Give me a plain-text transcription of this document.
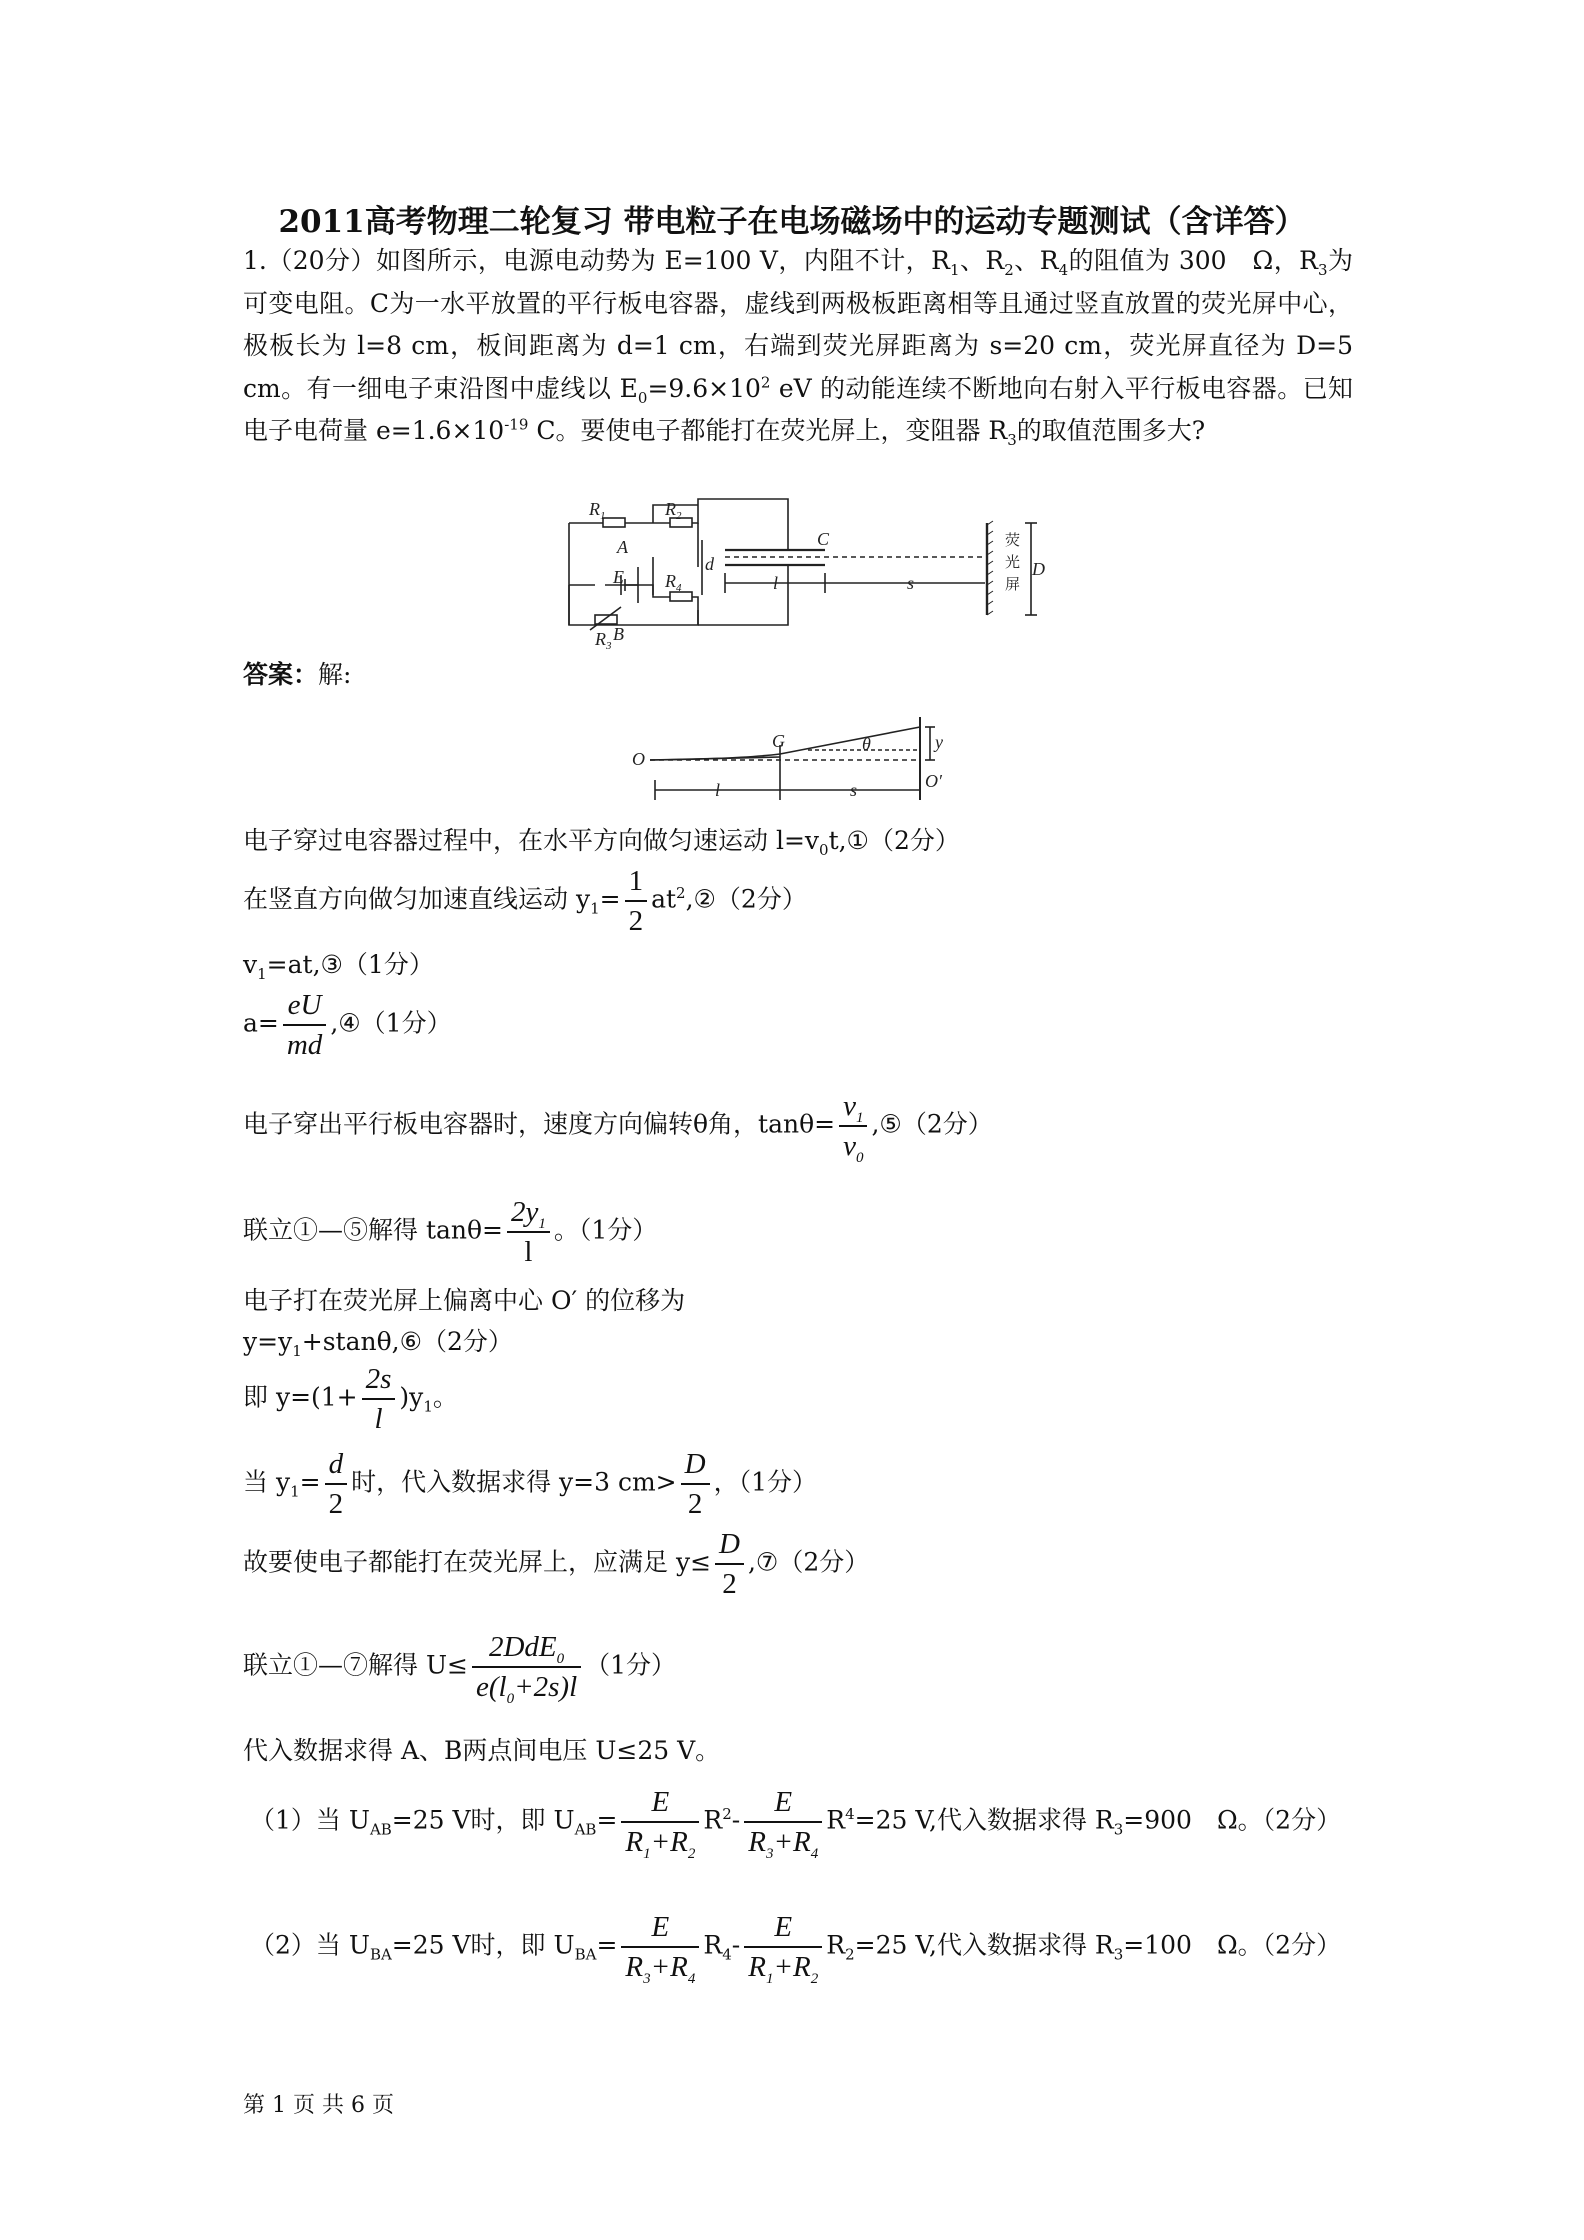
2011高考物理二轮复习 带电粒子在电场磁场中的运动专题测试（含详答）
1.（20分）如图所示，电源电动势为 E=100 V，内阻不计，$R_1$、$R_2$、$R_4$的阻值为 300　Ω，$R_3$为可变电阻。C为一水平放置的平行板电容器，虚线到两极板距离相等且通过竖直放置的荧光屏中心，极板长为 l=8 cm，板间距离为 d=1 cm，右端到荧光屏距离为 s=20 cm，荧光屏直径为 D=5 cm。有一细电子束沿图中虚线以 $E_0=9.6\times 10^2$ eV 的动能连续不断地向右射入平行板电容器。已知电子电荷量 $e=1.6\times 10^{-19}$ C。要使电子都能打在荧光屏上，变阻器 $R_3$的取值范围多大?
$R_1$	$R_2$
$R_3$
$R_4$
A
B
E
d
C
l	s
D
荧
光
屏
答案：解:
O
G	θ	y
O′
l	s
电子穿过电容器过程中，在水平方向做匀速运动 $l=v_0t,①(2$分）
在竖直方向做匀加速直线运动 $y_1= \frac{1}{2}$ $at^2,②(2$分）
$v_1=at,③(1$分）
$a= \frac{eU}{md}$ ,④（1分）
电子穿出平行板电容器时，速度方向偏转θ角，$\tan\theta= \frac{v_1}{v_0}$ ,⑤（2分）
联立①—⑤解得 $\tan\theta= \frac{2y_1}{l}$ 。（1分）
电子打在荧光屏上偏离中心 O′ 的位移为
$y=y_1+stan\theta,⑥(2$分）
即 $y=(1+ \frac{2s}{l} )y_1$。
当 $y_1= \frac{d}{2}$ 时，代入数据求得 y=3 $cm> \frac{D}{2}$ ，（1分）
故要使电子都能打在荧光屏上，应满足 $y\le \frac{D}{2}$ ,⑦（2分）
联立①—⑦解得 $U\le \frac{2DdE_0}{e(l_0+2s)l} (1$分）
代入数据求得 A、B两点间电压 U≤25 V。
（1）当 $U_{AB}=25$ V时，即 $U_{AB}= \frac{E}{R_1+R_2} R^2- \frac{E}{R_3+R_4} R^4=25$ V,代入数据求得 $R_3=900$　Ω。（2分）
（2）当 $U_{BA}=25$ V时，即 $U_{BA}= \frac{E}{R_3+R_4} R_4- \frac{E}{R_1+R_2} R_2=25$ V,代入数据求得 $R_3=100$　Ω。（2分）
第 1 页 共 6 页
